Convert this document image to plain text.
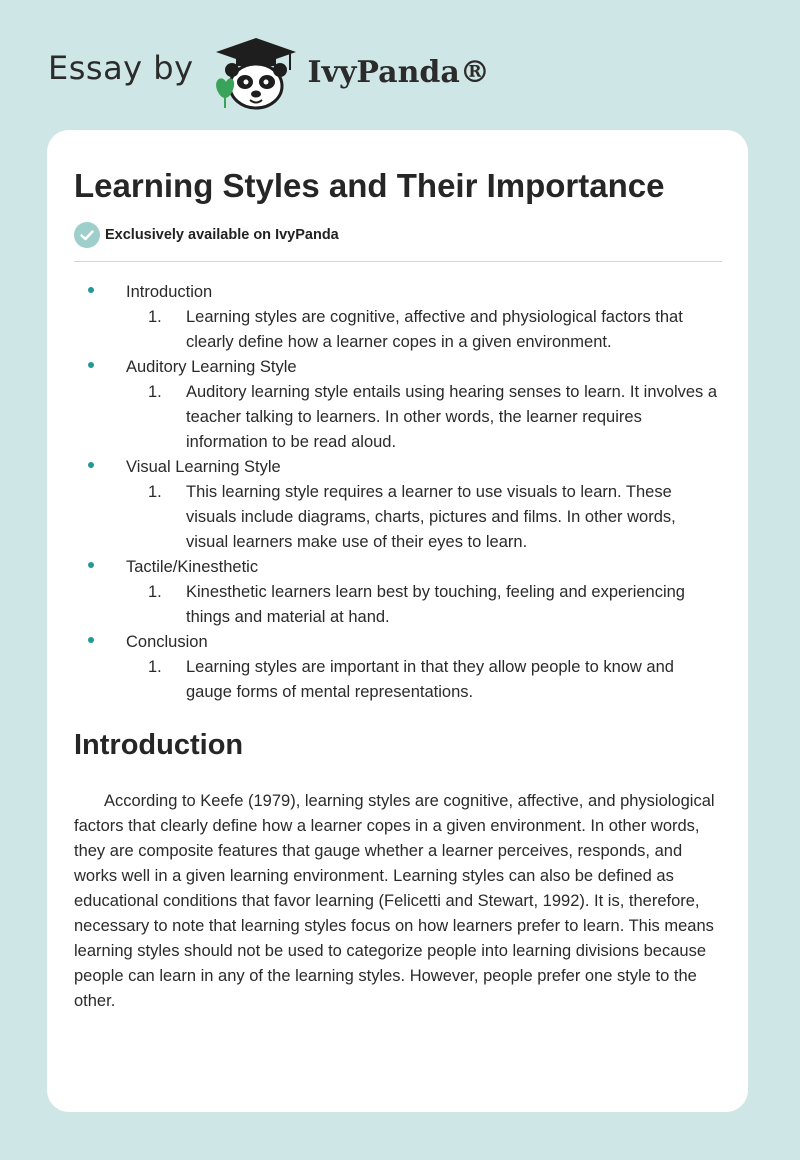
Essay by	IvyPanda®
Learning Styles and Their Importance
Exclusively available on IvyPanda
Introduction
1. Learning styles are cognitive, affective and physiological factors that clearly define how a learner copes in a given environment.
Auditory Learning Style
1. Auditory learning style entails using hearing senses to learn. It involves a teacher talking to learners. In other words, the learner requires information to be read aloud.
Visual Learning Style
1. This learning style requires a learner to use visuals to learn. These visuals include diagrams, charts, pictures and films. In other words, visual learners make use of their eyes to learn.
Tactile/Kinesthetic
1. Kinesthetic learners learn best by touching, feeling and experiencing things and material at hand.
Conclusion
1. Learning styles are important in that they allow people to know and gauge forms of mental representations.
Introduction

According to Keefe (1979), learning styles are cognitive, affective, and physiological factors that clearly define how a learner copes in a given environment. In other words, they are composite features that gauge whether a learner perceives, responds, and works well in a given learning environment. Learning styles can also be defined as educational conditions that favor learning (Felicetti and Stewart, 1992). It is, therefore, necessary to note that learning styles focus on how learners prefer to learn. This means learning styles should not be used to categorize people into learning divisions because people can learn in any of the learning styles. However, people prefer one style to the other.
